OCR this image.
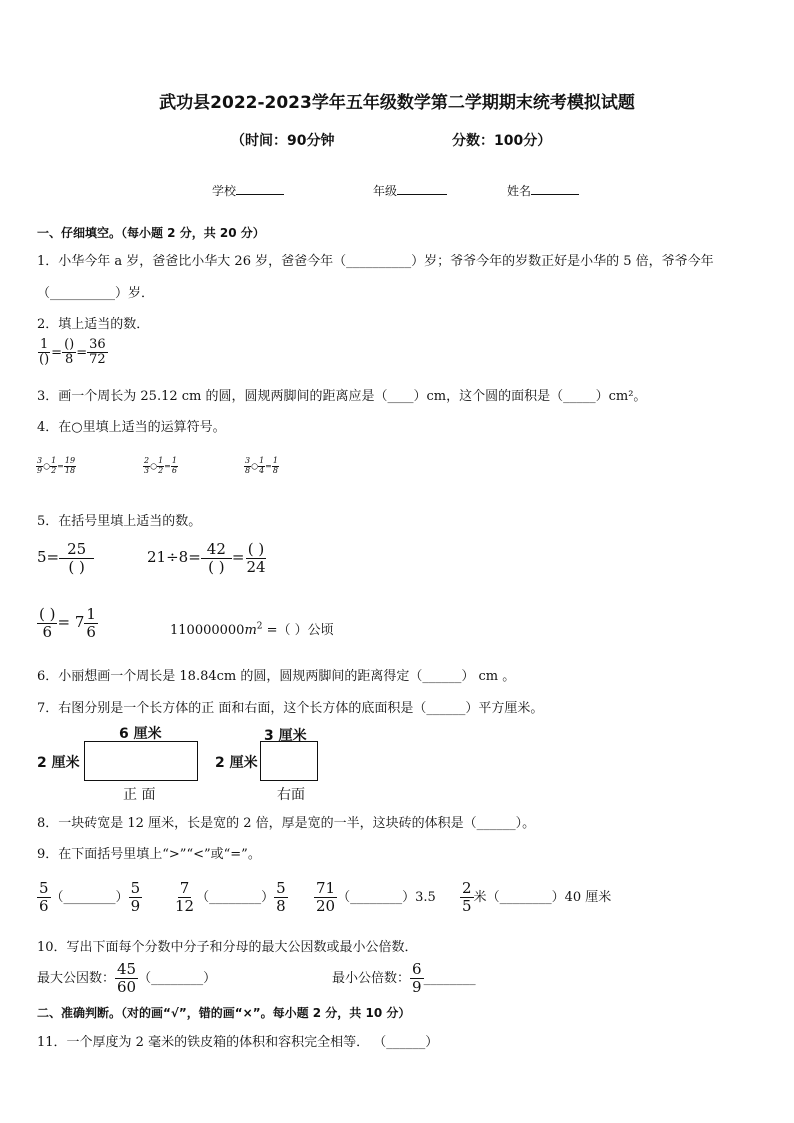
武功县2022-2023学年五年级数学第二学期期末统考模拟试题
（时间：90分钟	分数：100分）
学校	年级	姓名
一、仔细填空。（每小题 2 分，共 20 分）
1．小华今年 a 岁，爸爸比小华大 26 岁，爸爸今年（__________）岁；爷爷今年的岁数正好是小华的 5 倍，爷爷今年
（__________）岁．
2．填上适当的数．
$\frac{1}{()} = \frac{()}{8} = \frac{36}{72}$
3．画一个周长为 25.12 cm 的圆，圆规两脚间的距离应是（____）cm，这个圆的面积是（_____）cm²。
4．在○里填上适当的运算符号。
$\frac{3}{9}$ ○ $\frac{1}{2} = \frac{19}{18}$	$\frac{2}{3}$ ○ $\frac{1}{2} = \frac{1}{6}$	$\frac{3}{8}$ ○ $\frac{1}{4} = \frac{1}{8}$
5．在括号里填上适当的数。
$5= \frac{25}{( )}$	$21\div 8= \frac{42}{( )} = \frac{( )}{24}$
$\frac{( )}{6} = 7 \frac{1}{6}$	$110000000m^2$ =（ ）公顷
6．小丽想画一个周长是 18.84cm 的圆，圆规两脚间的距离得定（______） cm 。
7．右图分别是一个长方体的正 面和右面，这个长方体的底面积是（______）平方厘米。
6 厘米
2 厘米
正 面
3 厘米
2 厘米
右面
8．一块砖宽是 12 厘米，长是宽的 2 倍，厚是宽的一半，这块砖的体积是（______）。
9．在下面括号里填上“>”“<”或“=”。
$\frac{5}{6}$ （________） $\frac{5}{9} \frac{7}{12}$ （________） $\frac{5}{8} \frac{71}{20}$ （________）3.5 $\frac{2}{5}$ 米（________）40 厘米
10．写出下面每个分数中分子和分母的最大公因数或最小公倍数．
最大公因数： $\frac{45}{60}$ （________）	最小公倍数： $\frac{6}{9}$ ________
二、准确判断。（对的画“√”，错的画“×”。每小题 2 分，共 10 分）
11．一个厚度为 2 毫米的铁皮箱的体积和容积完全相等． （______）
